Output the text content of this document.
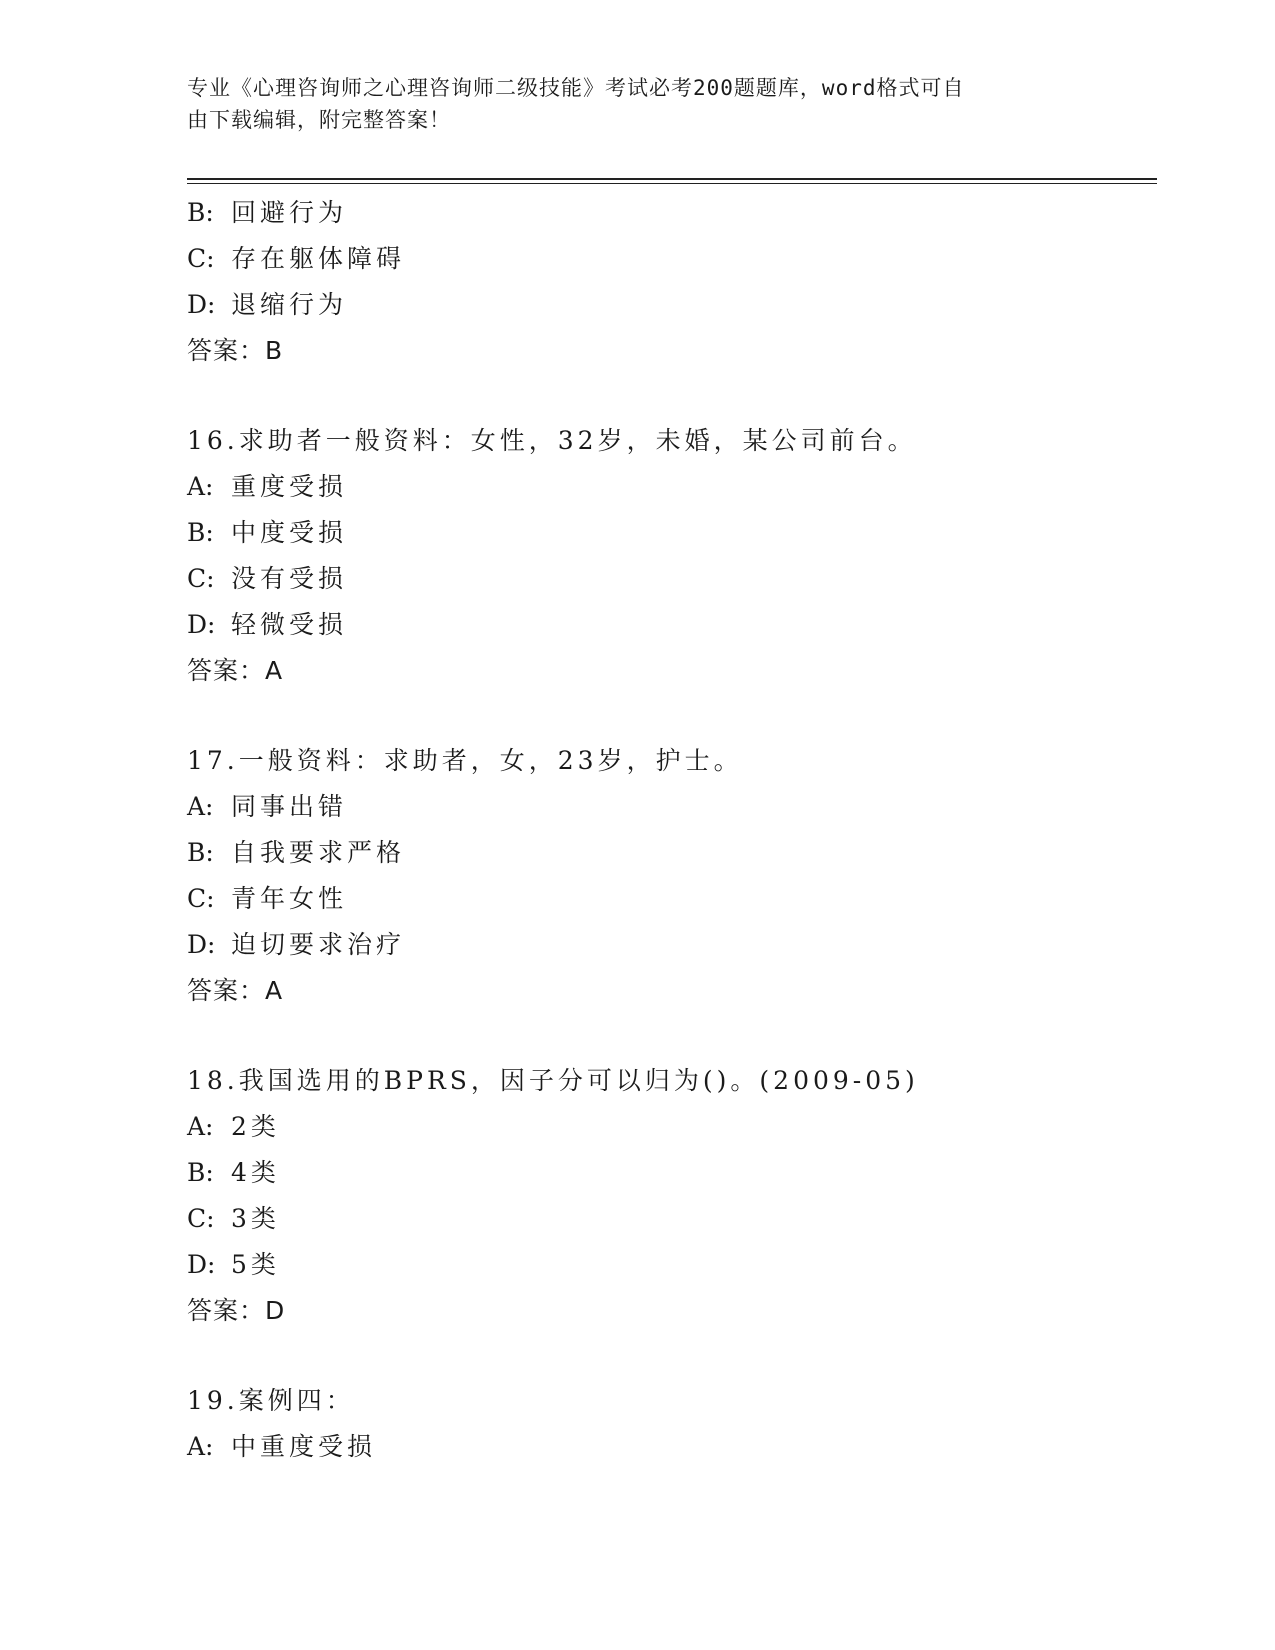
专业《心理咨询师之心理咨询师二级技能》考试必考200题题库，word格式可自
由下载编辑，附完整答案！
B: 回避行为
C: 存在躯体障碍
D: 退缩行为
答案：B
16.求助者一般资料：女性，32岁，未婚，某公司前台。
A: 重度受损
B: 中度受损
C: 没有受损
D: 轻微受损
答案：A
17.一般资料：求助者，女，23岁，护士。
A: 同事出错
B: 自我要求严格
C: 青年女性
D: 迫切要求治疗
答案：A
18.我国选用的BPRS，因子分可以归为()。(2009-05)
A: 2类
B: 4类
C: 3类
D: 5类
答案：D
19.案例四：
A: 中重度受损
